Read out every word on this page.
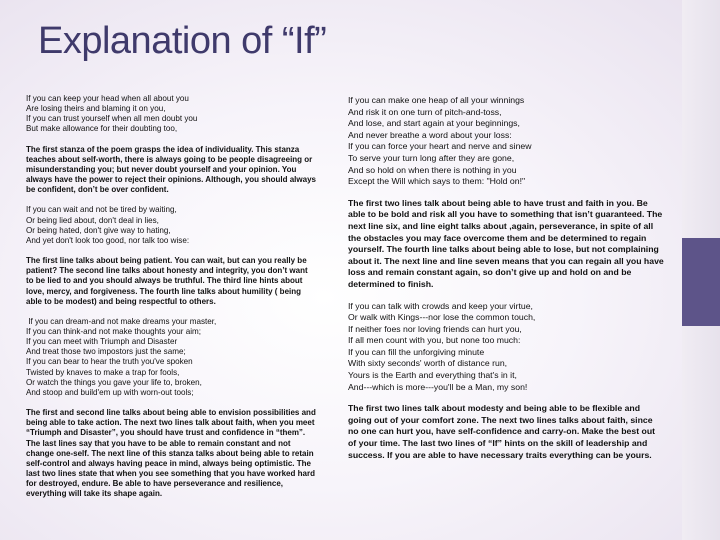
Explanation of “If”

If you can keep your head when all about you
Are losing theirs and blaming it on you,
If you can trust yourself when all men doubt you
But make allowance for their doubting too,

The first stanza of the poem grasps the idea of individuality. This stanza teaches about self-worth, there is always going to be people disagreeing or misunderstanding you; but never doubt yourself and your opinion. You always have the power to reject their opinions. Although, you should always be confident, don’t be over confident.

If you can wait and not be tired by waiting,
Or being lied about, don't deal in lies,
Or being hated, don't give way to hating,
And yet don't look too good, nor talk too wise:

The first line talks about being patient. You can wait, but can you really be patient? The second line talks about honesty and integrity, you don’t want to be lied to and you should always be truthful. The third line hints about love, mercy, and forgiveness. The fourth line talks about humility ( being able to be modest) and being respectful to others.

If you can dream-and not make dreams your master,
If you can think-and not make thoughts your aim;
If you can meet with Triumph and Disaster
And treat those two impostors just the same;
If you can bear to hear the truth you've spoken
Twisted by knaves to make a trap for fools,
Or watch the things you gave your life to, broken,
And stoop and build'em up with worn-out tools;

The first and second line talks about being able to envision possibilities and being able to take action. The next two lines talk about faith, when you meet “Triumph and Disaster”, you should have trust and confidence in “them”. The last lines say that you have to be able to remain constant and not change one-self. The next line of this stanza talks about being able to retain self-control and always having peace in mind, always being optimistic. The last two lines state that when you see something that you have worked hard for destroyed, endure. Be able to have perseverance and resilience, everything will take its shape again.

If you can make one heap of all your winnings
And risk it on one turn of pitch-and-toss,
And lose, and start again at your beginnings,
And never breathe a word about your loss:
If you can force your heart and nerve and sinew
To serve your turn long after they are gone,
And so hold on when there is nothing in you
Except the Will which says to them: "Hold on!"

The first two lines talk about being able to have trust and faith in you. Be able to be bold and risk all you have to something that isn’t guaranteed. The next line six, and line eight talks about ,again, perseverance, in spite of all the obstacles you may face overcome them and be determined to regain yourself. The fourth line talks about being able to lose, but not complaining about it. The next line and line seven means that you can regain all you have loss and remain constant again, so don’t give up and hold on and be determined to finish.

If you can talk with crowds and keep your virtue,
Or walk with Kings---nor lose the common touch,
If neither foes nor loving friends can hurt you,
If all men count with you, but none too much:
If you can fill the unforgiving minute
With sixty seconds' worth of distance run,
Yours is the Earth and everything that's in it,
And---which is more---you'll be a Man, my son!

The first two lines talk about modesty and being able to be flexible and going out of your comfort zone. The next two lines talks about faith, since no one can hurt you, have self-confidence and carry-on. Make the best out of your time. The last two lines of “If” hints on the skill of leadership and success. If you are able to have necessary traits everything can be yours.
